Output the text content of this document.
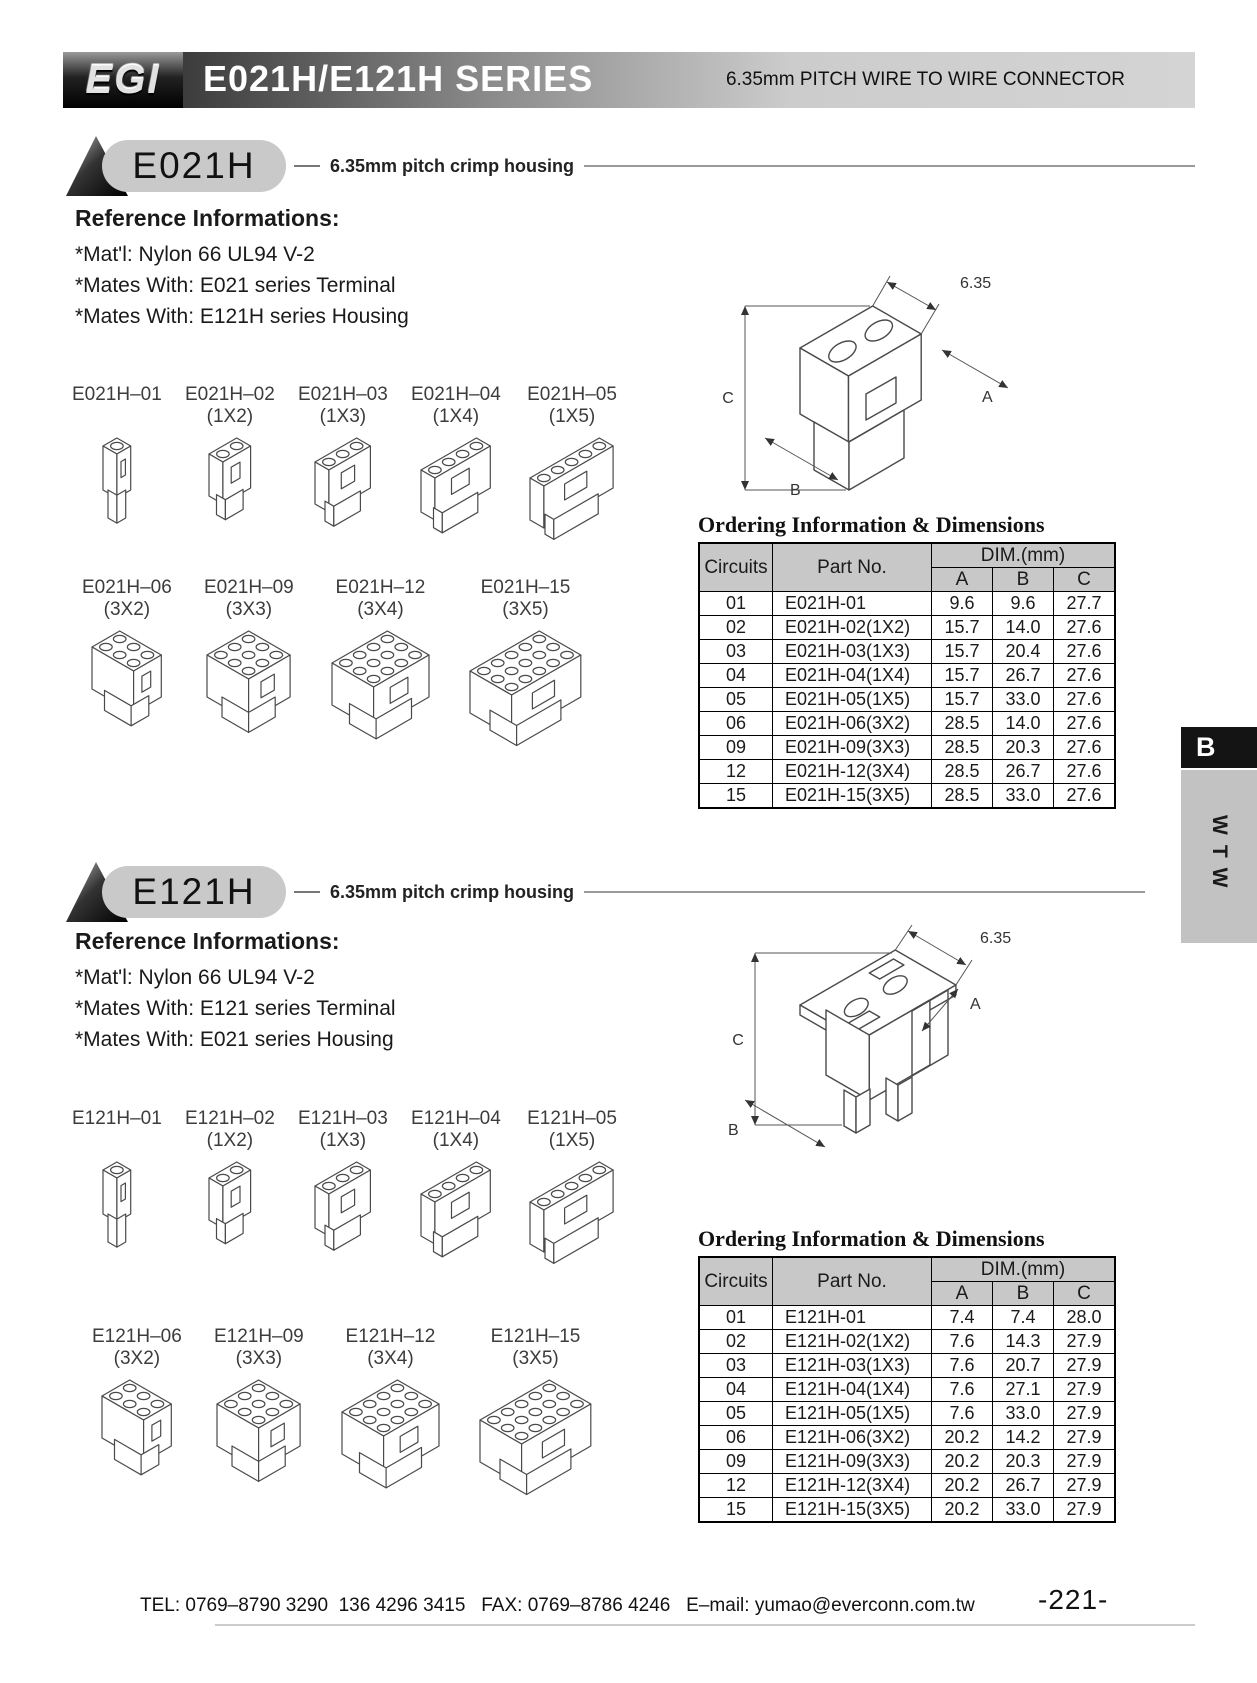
EGI E021H/E121H SERIES	6.35mm PITCH WIRE TO WIRE CONNECTOR
E021H	6.35mm pitch crimp housing
Reference Informations:
*Mat'l: Nylon 66 UL94 V-2
*Mates With: E021 series Terminal
*Mates With: E121H series Housing
6.35
C	A
B
E021H–01 E021H–02
(1X2)
E021H–03
(1X3)
E021H–04
(1X4)
E021H–05
(1X5)
E021H–06
(3X2)
E021H–09
(3X3)
E021H–12
(3X4)
E021H–15
(3X5)
Ordering Information & Dimensions
Circuits	Part No.	DIM.(mm)		
		A	B	C
01	E021H-01	9.6	9.6	27.7
02	E021H-02(1X2)	15.7	14.0	27.6
03	E021H-03(1X3)	15.7	20.4	27.6
04	E021H-04(1X4)	15.7	26.7	27.6
05	E021H-05(1X5)	15.7	33.0	27.6
06	E021H-06(3X2)	28.5	14.0	27.6
09	E021H-09(3X3)	28.5	20.3	27.6
12	E021H-12(3X4)	28.5	26.7	27.6
15	E021H-15(3X5)	28.5	33.0	27.6
B
WTW
E121H	6.35mm pitch crimp housing
Reference Informations:
*Mat'l: Nylon 66 UL94 V-2
*Mates With: E121 series Terminal
*Mates With: E021 series Housing
6.35
C
A
B
E121H–01 E121H–02
(1X2)
E121H–03
(1X3)
E121H–04
(1X4)
E121H–05
(1X5)
E121H–06
(3X2)
E121H–09
(3X3)
E121H–12
(3X4)
E121H–15
(3X5)
Ordering Information & Dimensions
Circuits	Part No.	DIM.(mm)		
		A	B	C
01	E121H-01	7.4	7.4	28.0
02	E121H-02(1X2)	7.6	14.3	27.9
03	E121H-03(1X3)	7.6	20.7	27.9
04	E121H-04(1X4)	7.6	27.1	27.9
05	E121H-05(1X5)	7.6	33.0	27.9
06	E121H-06(3X2)	20.2	14.2	27.9
09	E121H-09(3X3)	20.2	20.3	27.9
12	E121H-12(3X4)	20.2	26.7	27.9
15	E121H-15(3X5)	20.2	33.0	27.9
TEL: 0769–8790 3290  136 4296 3415   FAX: 0769–8786 4246   E–mail: yumao@everconn.com.tw -221-
